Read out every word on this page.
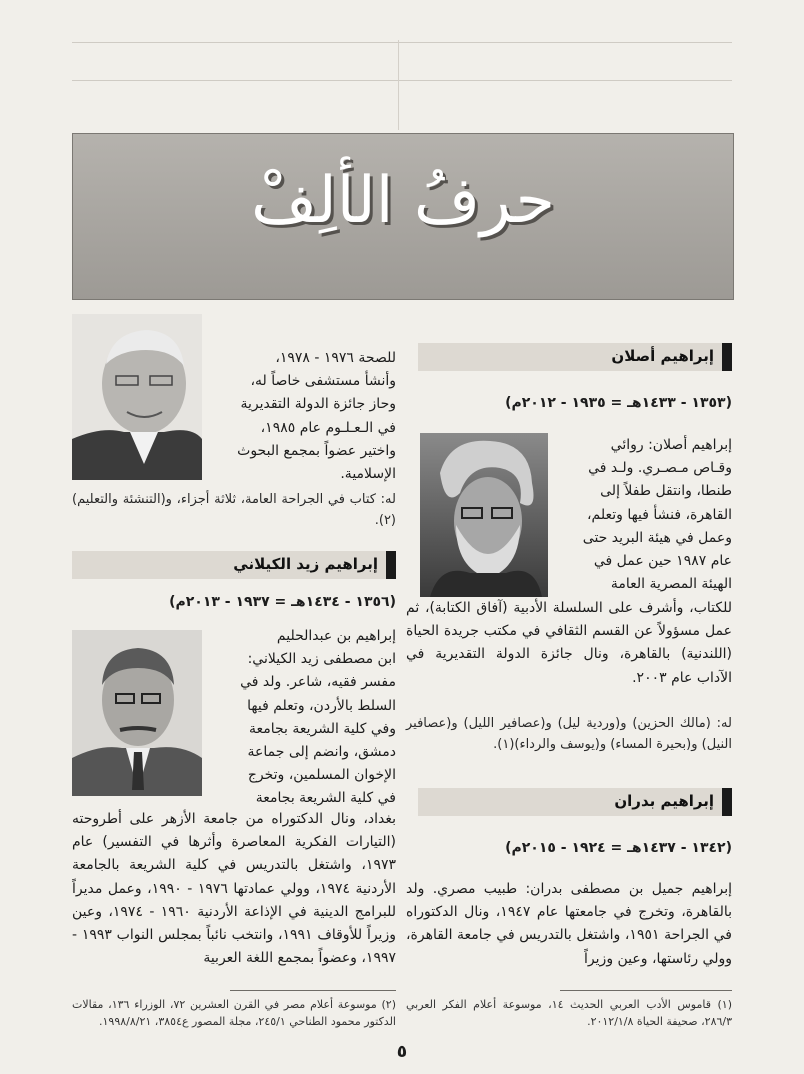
حرفُ الألِفْ
إبراهيم أصلان
(١٣٥٣ - ١٤٣٣هـ = ١٩٣٥ - ٢٠١٢م)
إبراهيم أصلان: روائي
وقـاص مـصـري. ولـد في
طنطا، وانتقل طفلاً إلى
القاهرة، فنشأ فيها وتعلم،
وعمل في هيئة البريد حتى
عام ١٩٨٧ حين عمل في
الهيئة المصرية العامة
للكتاب، وأشرف على السلسلة الأدبية (آفاق الكتابة)، ثم عمل مسؤولاً عن القسم الثقافي في مكتب جريدة الحياة (اللندنية) بالقاهرة، ونال جائزة الدولة التقديرية في الآداب عام ٢٠٠٣.
له: (مالك الحزين) و(وردية ليل) و(عصافير الليل) و(عصافير النيل) و(بحيرة المساء) و(يوسف والرداء)(١).
إبراهيم بدران
(١٣٤٢ - ١٤٣٧هـ = ١٩٢٤ - ٢٠١٥م)
إبراهيم جميل بن مصطفى بدران: طبيب مصري. ولد بالقاهرة، وتخرج في جامعتها عام ١٩٤٧، ونال الدكتوراه في الجراحة ١٩٥١، واشتغل بالتدريس في جامعة القاهرة، وولي رئاستها، وعين وزيراً
(١) قاموس الأدب العربي الحديث ١٤، موسوعة أعلام الفكر العربي ٢٨٦/٣، صحيفة الحياة ٢٠١٢/١/٨.
للصحة ١٩٧٦ - ١٩٧٨،
وأنشأ مستشفى خاصاً له،
وحاز جائزة الدولة التقديرية
في الـعـلـوم عام ١٩٨٥،
واختير عضواً بمجمع البحوث
الإسلامية.
له: كتاب في الجراحة العامة، ثلاثة أجزاء، و(التنشئة والتعليم)(٢).
إبراهيم زيد الكيلاني
(١٣٥٦ - ١٤٣٤هـ = ١٩٣٧ - ٢٠١٣م)
إبراهيم بن عبدالحليم
ابن مصطفى زيد الكيلاني:
مفسر فقيه، شاعر. ولد في
السلط بالأردن، وتعلم فيها
وفي كلية الشريعة بجامعة
دمشق، وانضم إلى جماعة
الإخوان المسلمين، وتخرج
في كلية الشريعة بجامعة
بغداد، ونال الدكتوراه من جامعة الأزهر على أطروحته (التيارات الفكرية المعاصرة وأثرها في التفسير) عام ١٩٧٣، واشتغل بالتدريس في كلية الشريعة بالجامعة الأردنية ١٩٧٤، وولي عمادتها ١٩٧٦ - ١٩٩٠، وعمل مديراً للبرامج الدينية في الإذاعة الأردنية ١٩٦٠ - ١٩٧٤، وعين وزيراً للأوقاف ١٩٩١، وانتخب نائباً بمجلس النواب ١٩٩٣ - ١٩٩٧، وعضواً بمجمع اللغة العربية
(٢) موسوعة أعلام مصر في القرن العشرين ٧٢، الوزراء ١٣٦، مقالات الدكتور محمود الطناحي ٢٤٥/١، مجلة المصور ع٣٨٥٤، ١٩٩٨/٨/٢١.
٥
